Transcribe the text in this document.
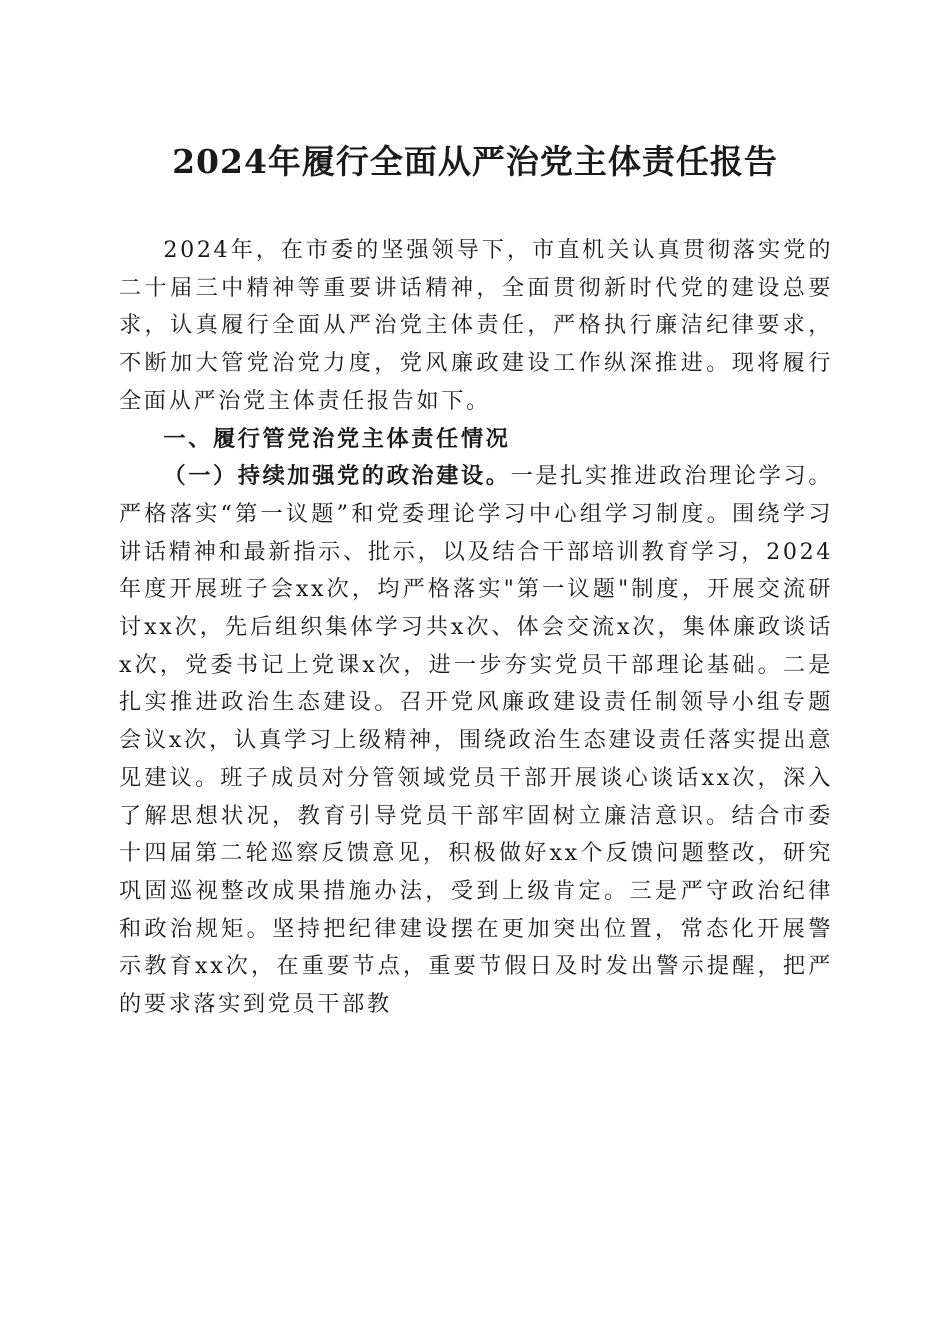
2024年履行全面从严治党主体责任报告

2024年，在市委的坚强领导下，市直机关认真贯彻落实党的二十届三中精神等重要讲话精神，全面贯彻新时代党的建设总要求，认真履行全面从严治党主体责任，严格执行廉洁纪律要求，不断加大管党治党力度，党风廉政建设工作纵深推进。现将履行全面从严治党主体责任报告如下。

一、履行管党治党主体责任情况

（一）持续加强党的政治建设。一是扎实推进政治理论学习。严格落实“第一议题”和党委理论学习中心组学习制度。围绕学习讲话精神和最新指示、批示，以及结合干部培训教育学习，2024年度开展班子会xx次，均严格落实"第一议题"制度，开展交流研讨xx次，先后组织集体学习共x次、体会交流x次，集体廉政谈话x次，党委书记上党课x次，进一步夯实党员干部理论基础。二是扎实推进政治生态建设。召开党风廉政建设责任制领导小组专题会议x次，认真学习上级精神，围绕政治生态建设责任落实提出意见建议。班子成员对分管领域党员干部开展谈心谈话xx次，深入了解思想状况，教育引导党员干部牢固树立廉洁意识。结合市委十四届第二轮巡察反馈意见，积极做好xx个反馈问题整改，研究巩固巡视整改成果措施办法，受到上级肯定。三是严守政治纪律和政治规矩。坚持把纪律建设摆在更加突出位置，常态化开展警示教育xx次，在重要节点，重要节假日及时发出警示提醒，把严的要求落实到党员干部教
